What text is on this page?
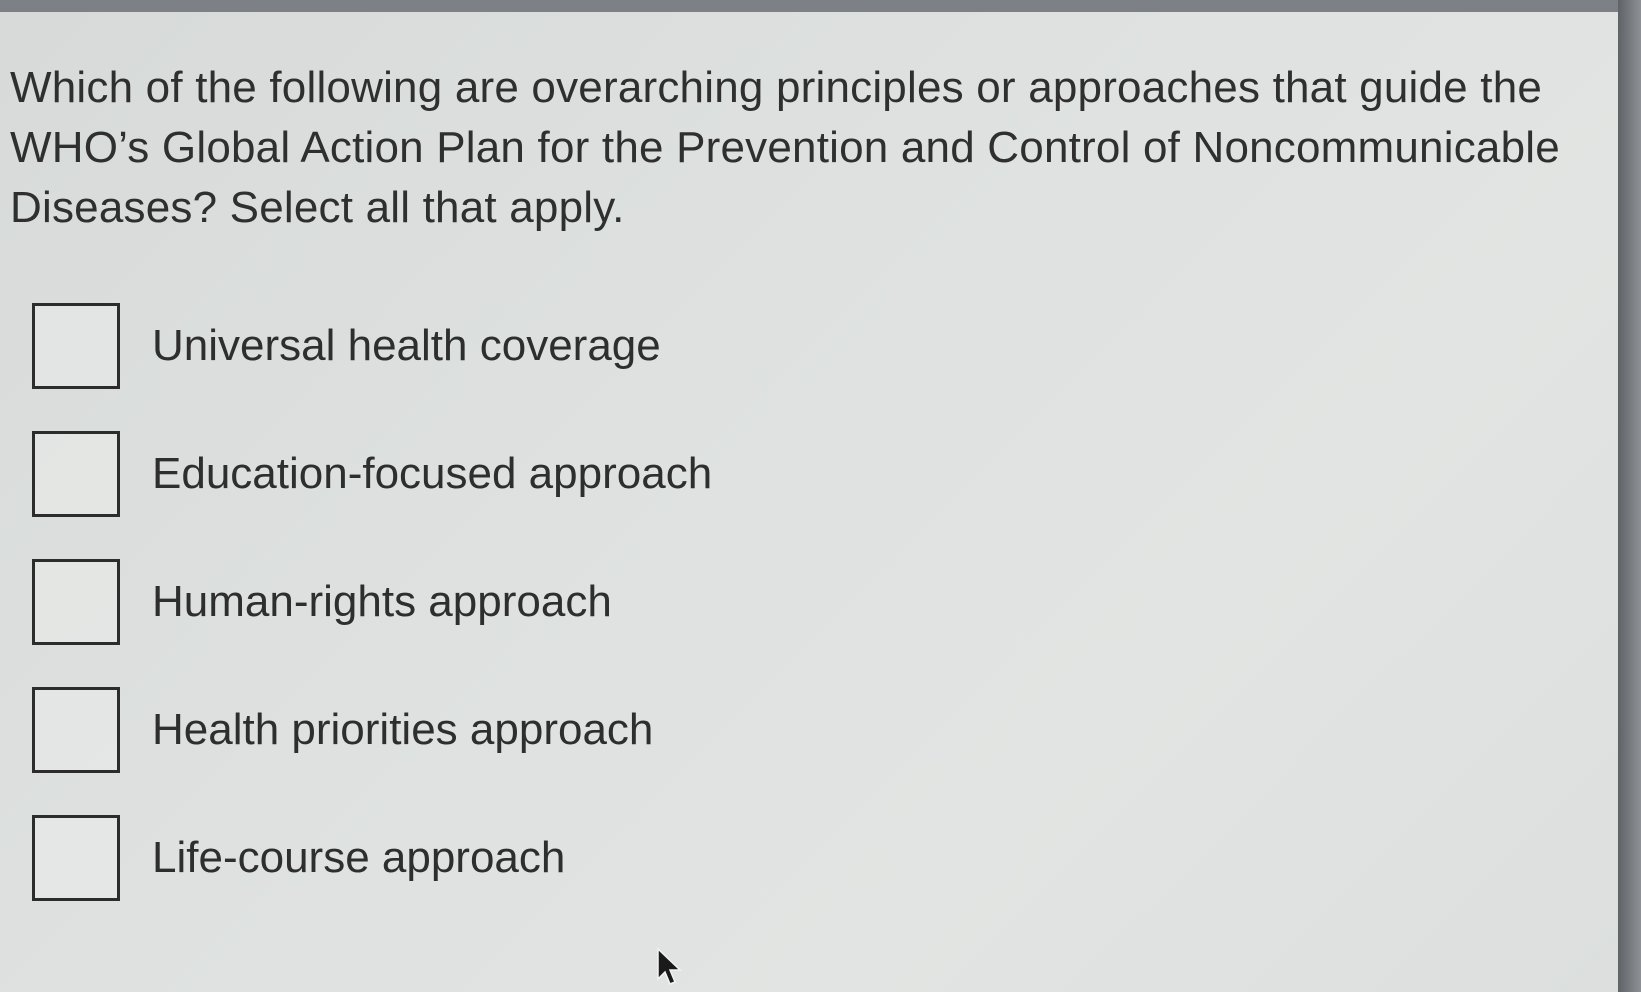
Which of the following are overarching principles or approaches that guide the WHO’s Global Action Plan for the Prevention and Control of Noncommunicable Diseases? Select all that apply.

Universal health coverage
Education-focused approach
Human-rights approach
Health priorities approach
Life-course approach
